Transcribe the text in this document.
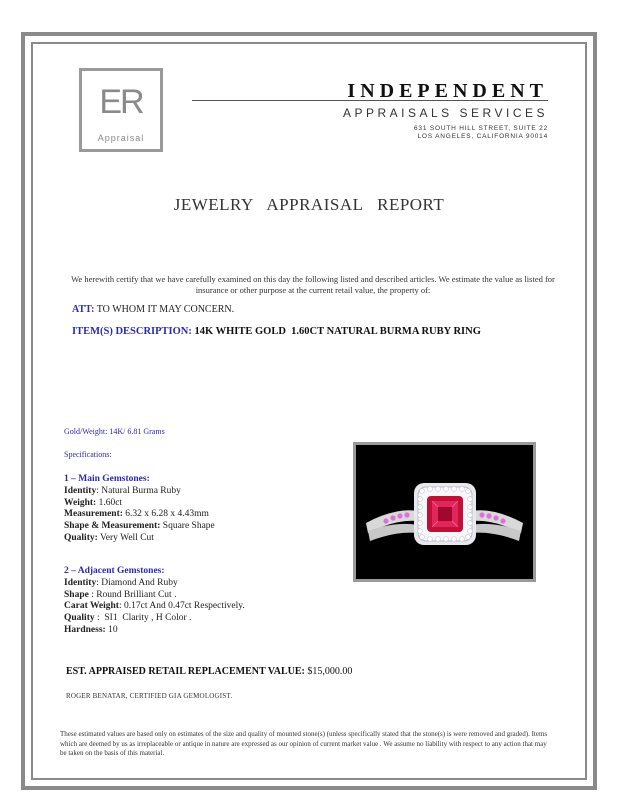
ER
Appraisal
INDEPENDENT
APPRAISALS SERVICES
631 SOUTH HILL STREET, SUITE 22
LOS ANGELES, CALIFORNIA 90014
JEWELRY   APPRAISAL   REPORT
We herewith certify that we have carefully examined on this day the following listed and described articles. We estimate the value as listed for insurance or other purpose at the current retail value, the property of:
ATT: TO WHOM IT MAY CONCERN.
ITEM(S) DESCRIPTION: 14K WHITE GOLD  1.60CT NATURAL BURMA RUBY RING
Gold/Weight: 14K/ 6.81 Grams
Specifications:
1 – Main Gemstones:
Identity: Natural Burma Ruby
Weight: 1.60ct
Measurement: 6.32 x 6.28 x 4.43mm
Shape & Measurement: Square Shape
Quality: Very Well Cut
2 – Adjacent Gemstones:
Identity: Diamond And Ruby
Shape : Round Brilliant Cut .
Carat Weight: 0.17ct And 0.47ct Respectively.
Quality :  SI1  Clarity , H Color .
Hardness: 10
EST. APPRAISED RETAIL REPLACEMENT VALUE: $15,000.00
ROGER BENATAR, CERTIFIED GIA GEMOLOGIST.
These estimated values are based only on estimates of the size and quality of mounted stone(s) (unless specifically stated that the stone(s) is were removed and graded). Items which are deemed by us as irreplaceable or antique in nature are expressed as our opinion of current market value . We assume no liability with respect to any action that may be taken on the basis of this material.
